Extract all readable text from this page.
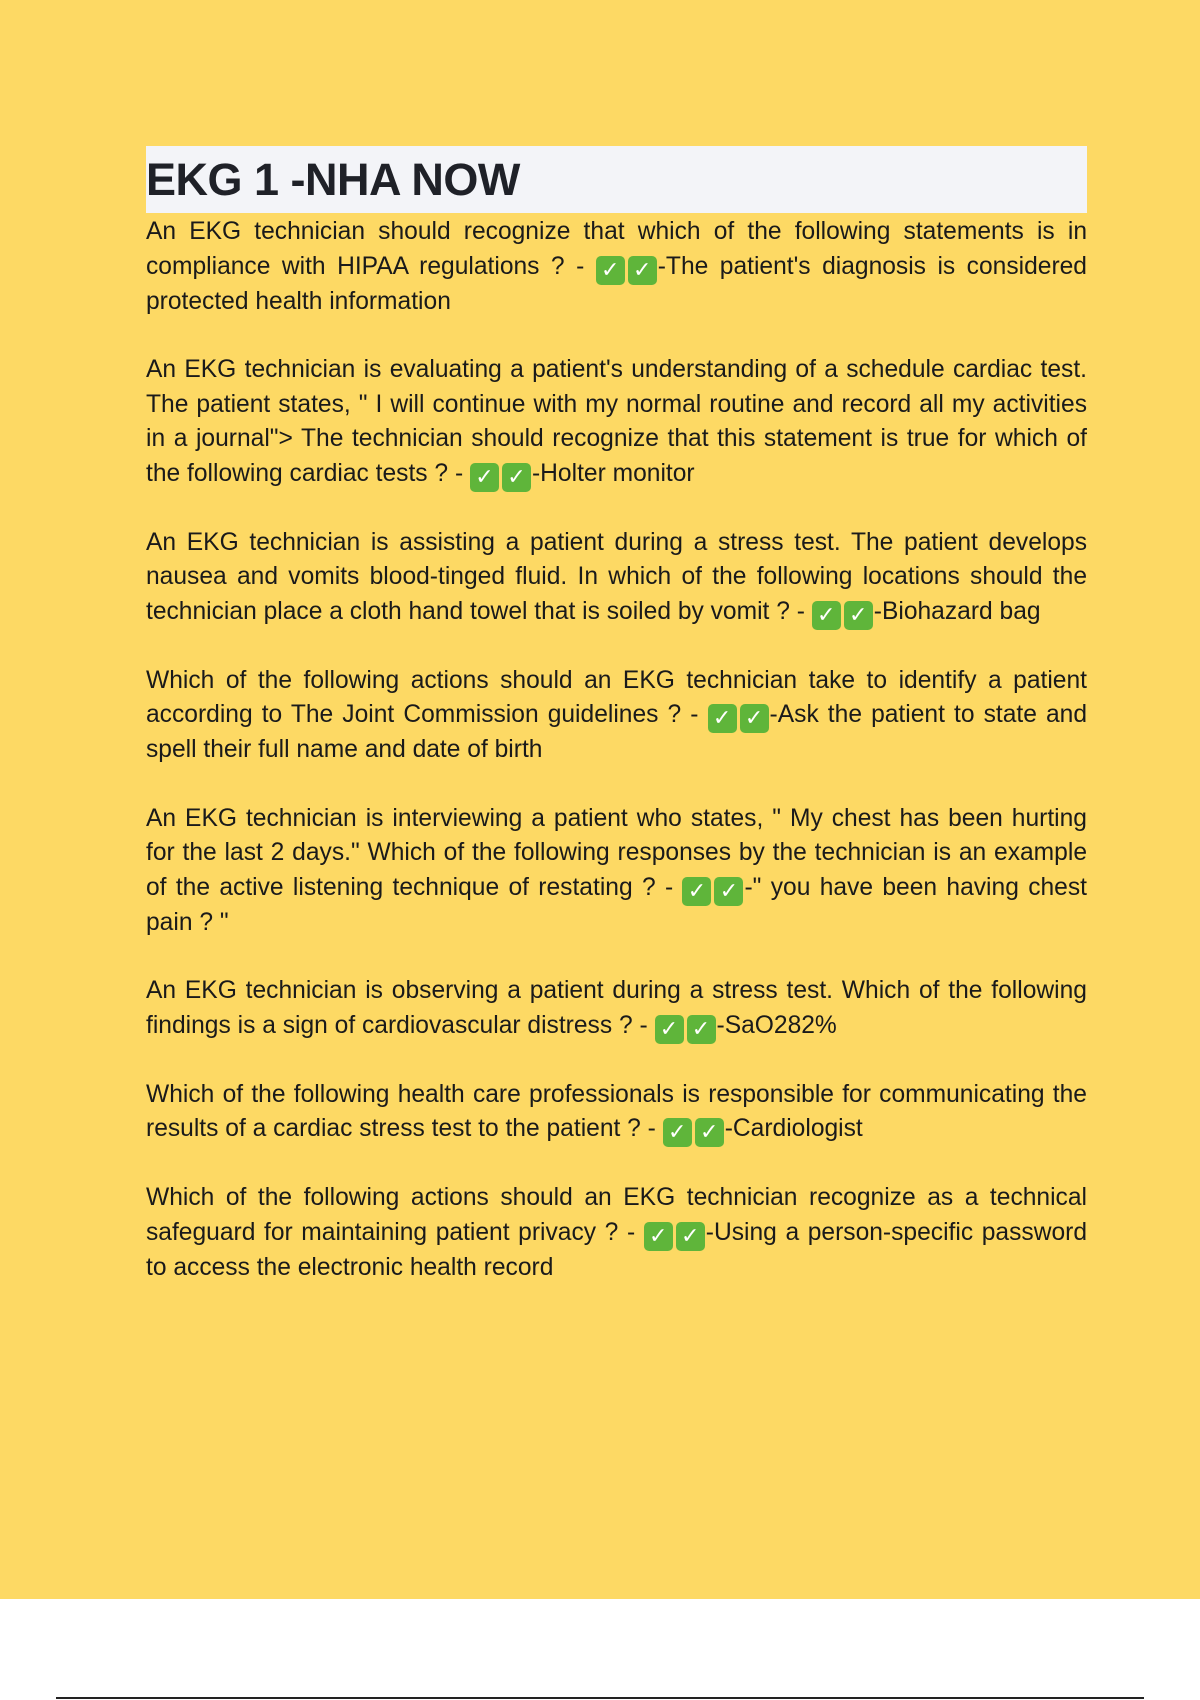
EKG 1 -NHA NOW

An EKG technician should recognize that which of the following statements is in compliance with HIPAA regulations ? - ✓ ✓ -The patient's diagnosis is considered protected health information

An EKG technician is evaluating a patient's understanding of a schedule cardiac test. The patient states, " I will continue with my normal routine and record all my activities in a journal"> The technician should recognize that this statement is true for which of the following cardiac tests ? - ✓ ✓ -Holter monitor

An EKG technician is assisting a patient during a stress test. The patient develops nausea and vomits blood-tinged fluid. In which of the following locations should the technician place a cloth hand towel that is soiled by vomit ? - ✓ ✓ -Biohazard bag

Which of the following actions should an EKG technician take to identify a patient according to The Joint Commission guidelines ? - ✓ ✓ -Ask the patient to state and spell their full name and date of birth

An EKG technician is interviewing a patient who states, " My chest has been hurting for the last 2 days." Which of the following responses by the technician is an example of the active listening technique of restating ? - ✓ ✓ -" you have been having chest pain ? "

An EKG technician is observing a patient during a stress test. Which of the following findings is a sign of cardiovascular distress ? - ✓ ✓ -SaO282%

Which of the following health care professionals is responsible for communicating the results of a cardiac stress test to the patient ? - ✓ ✓ -Cardiologist

Which of the following actions should an EKG technician recognize as a technical safeguard for maintaining patient privacy ? - ✓ ✓ -Using a person-specific password to access the electronic health record
